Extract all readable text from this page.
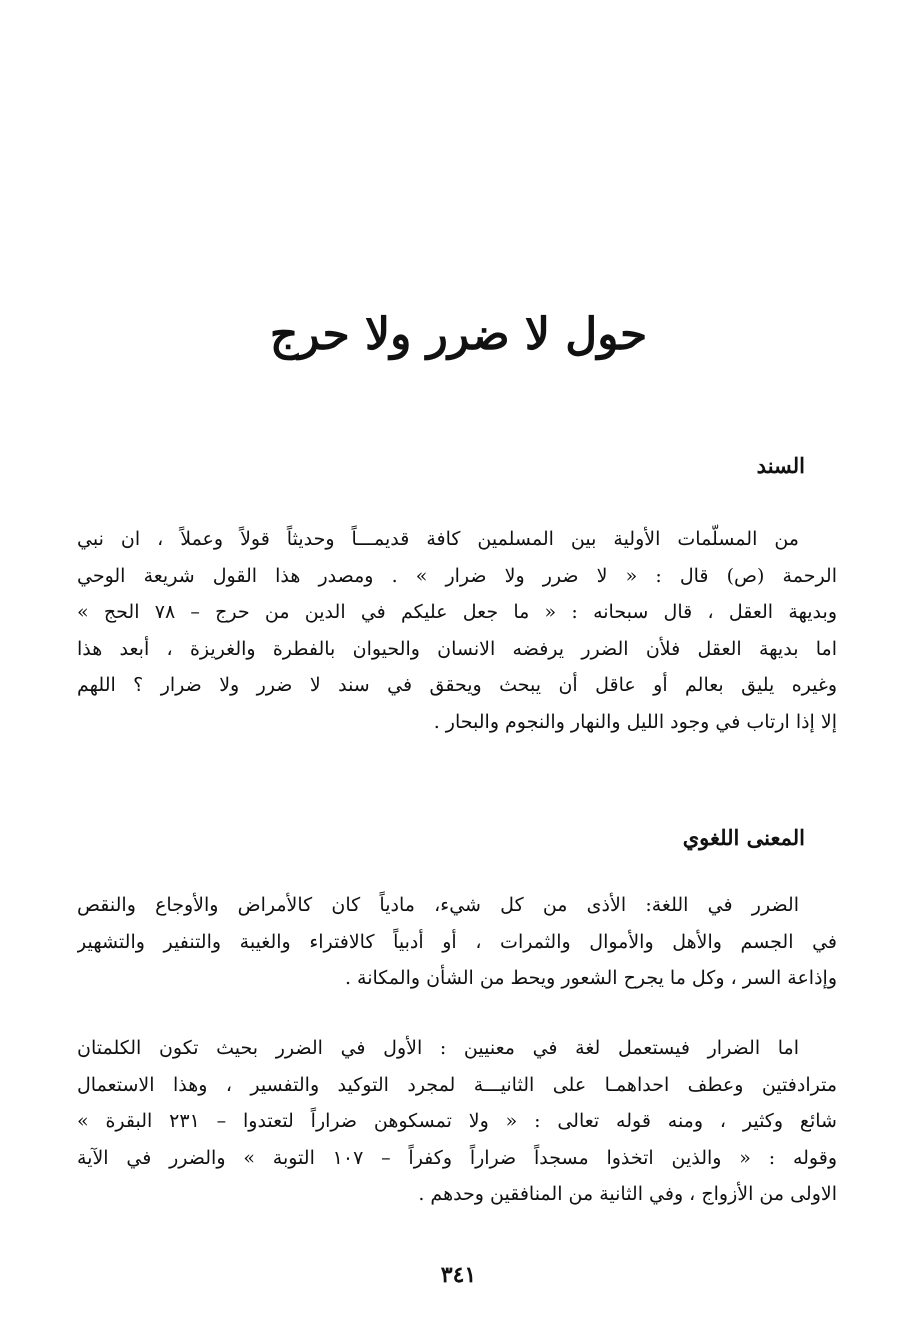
حول لا ضرر ولا حرج
السند

من المسلّمات الأولية بين المسلمين كافة قديمـــاً وحديثاً قولاً وعملاً ، ان نبي
الرحمة (ص) قال : « لا ضرر ولا ضرار » . ومصدر هذا القول شريعة الوحي
وبديهة العقل ، قال سبحانه : « ما جعل عليكم في الدين من حرج – ٧٨ الحج »
اما بديهة العقل فلأن الضرر يرفضه الانسان والحيوان بالفطرة والغريزة ، أبعد هذا
وغيره يليق بعالم أو عاقل أن يبحث ويحقق في سند لا ضرر ولا ضرار ؟ اللهم
إلا إذا ارتاب في وجود الليل والنهار والنجوم والبحار .

المعنى اللغوي

الضرر في اللغة: الأذى من كل شيء، مادياً كان كالأمراض والأوجاع والنقص
في الجسم والأهل والأموال والثمرات ، أو أدبياً كالافتراء والغيبة والتنفير والتشهير
وإذاعة السر ، وكل ما يجرح الشعور ويحط من الشأن والمكانة .

اما الضرار فيستعمل لغة في معنيين : الأول في الضرر بحيث تكون الكلمتان
مترادفتين وعطف احداهمـا على الثانيـــة لمجرد التوكيد والتفسير ، وهذا الاستعمال
شائع وكثير ، ومنه قوله تعالى : « ولا تمسكوهن ضراراً لتعتدوا – ٢٣١ البقرة »
وقوله : « والذين اتخذوا مسجداً ضراراً وكفراً – ١٠٧ التوبة » والضرر في الآية
الاولى من الأزواج ، وفي الثانية من المنافقين وحدهم .

٣٤١
